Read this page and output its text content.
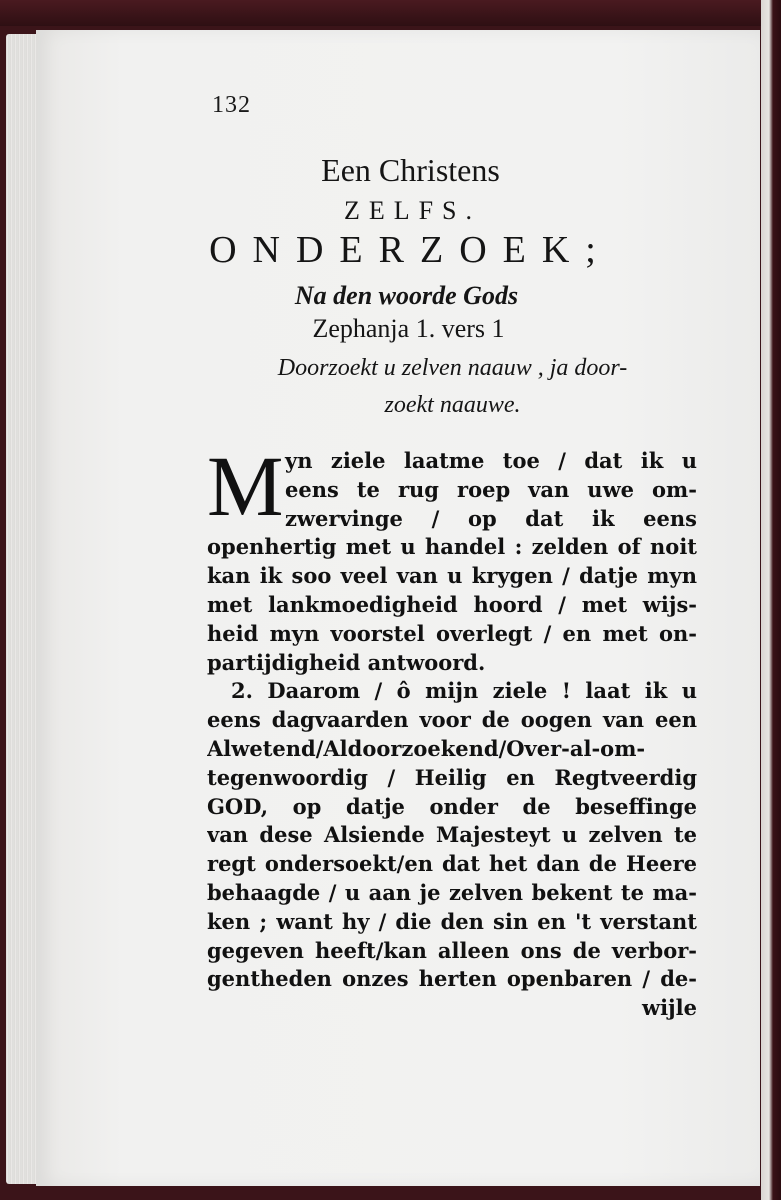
132
Een Christens
ZELFS.
ONDERZOEK;
Na den woorde Gods
Zephanja 1. vers 1
Doorzoekt u zelven naauw , ja door-
zoekt naauwe.
M yn ziele laatme toe / dat ik u
eens te rug roep van uwe om-
zwervinge / op dat ik eens
openhertig met u handel : zelden of noit
kan ik soo veel van u krygen / datje myn
met lankmoedigheid hoord / met wijs-
heid myn voorstel overlegt / en met on-
partijdigheid antwoord.
2. Daarom / ô mijn ziele ! laat ik u
eens dagvaarden voor de oogen van een
Alwetend/Aldoorzoekend/Over-al-om-
tegenwoordig / Heilig en Regtveerdig
GOD, op datje onder de beseffinge
van dese Alsiende Majesteyt u zelven te
regt ondersoekt/en dat het dan de Heere
behaagde / u aan je zelven bekent te ma-
ken ; want hy / die den sin en 't verstant
gegeven heeft/kan alleen ons de verbor-
gentheden onzes herten openbaren / de-
wijle
